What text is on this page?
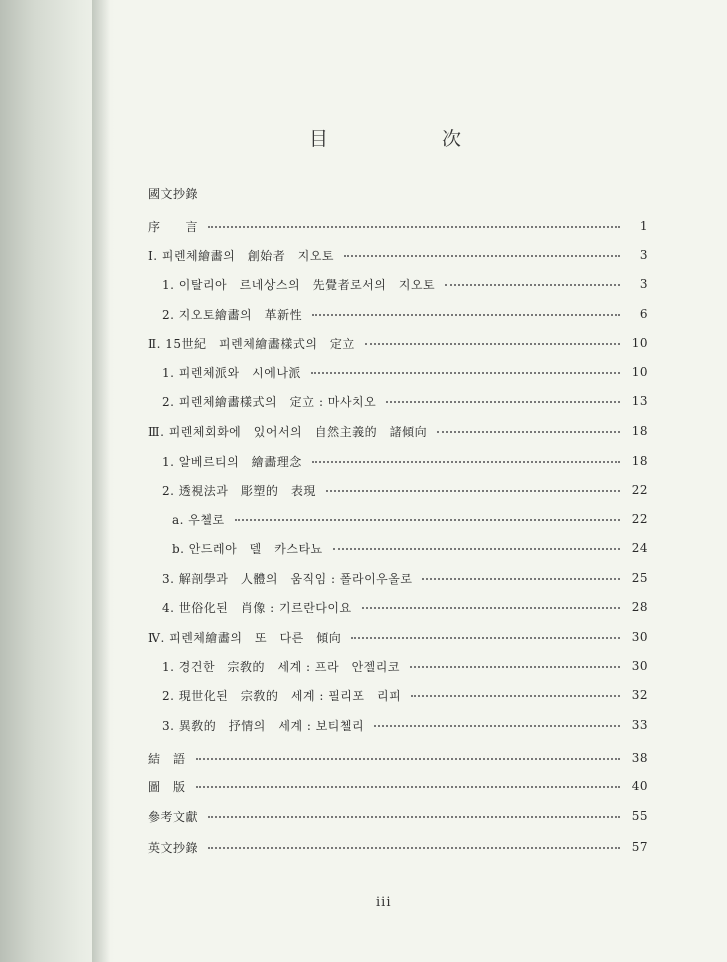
目	次
國文抄錄
序　　言	1
Ⅰ. 피렌체繪畵의　創始者　지오토	3
1. 이탈리아　르네상스의　先覺者로서의　지오토	3
2. 지오토繪畵의　革新性	6
Ⅱ. 15世紀　피렌체繪畵樣式의　定立	10
1. 피렌체派와　시에나派	10
2. 피렌체繪畵樣式의　定立 : 마사치오	13
Ⅲ. 피렌체회화에　있어서의　自然主義的　諸傾向	18
1. 알베르티의　繪畵理念	18
2. 透視法과　彫塑的　表現	22
a. 우첼로	22
b. 안드레아　델　카스타뇨	24
3. 解剖學과　人體의　움직임 : 폴라이우올로	25
4. 世俗化된　肖像 : 기르란다이요	28
Ⅳ. 피렌체繪畵의　또　다른　傾向	30
1. 경건한　宗敎的　세계 : 프라　안젤리코	30
2. 現世化된　宗敎的　세계 : 필리포　리피	32
3. 異敎的　抒情의　세계 : 보티첼리	33
結　語	38
圖　版	40
參考文獻	55
英文抄錄	57
iii
